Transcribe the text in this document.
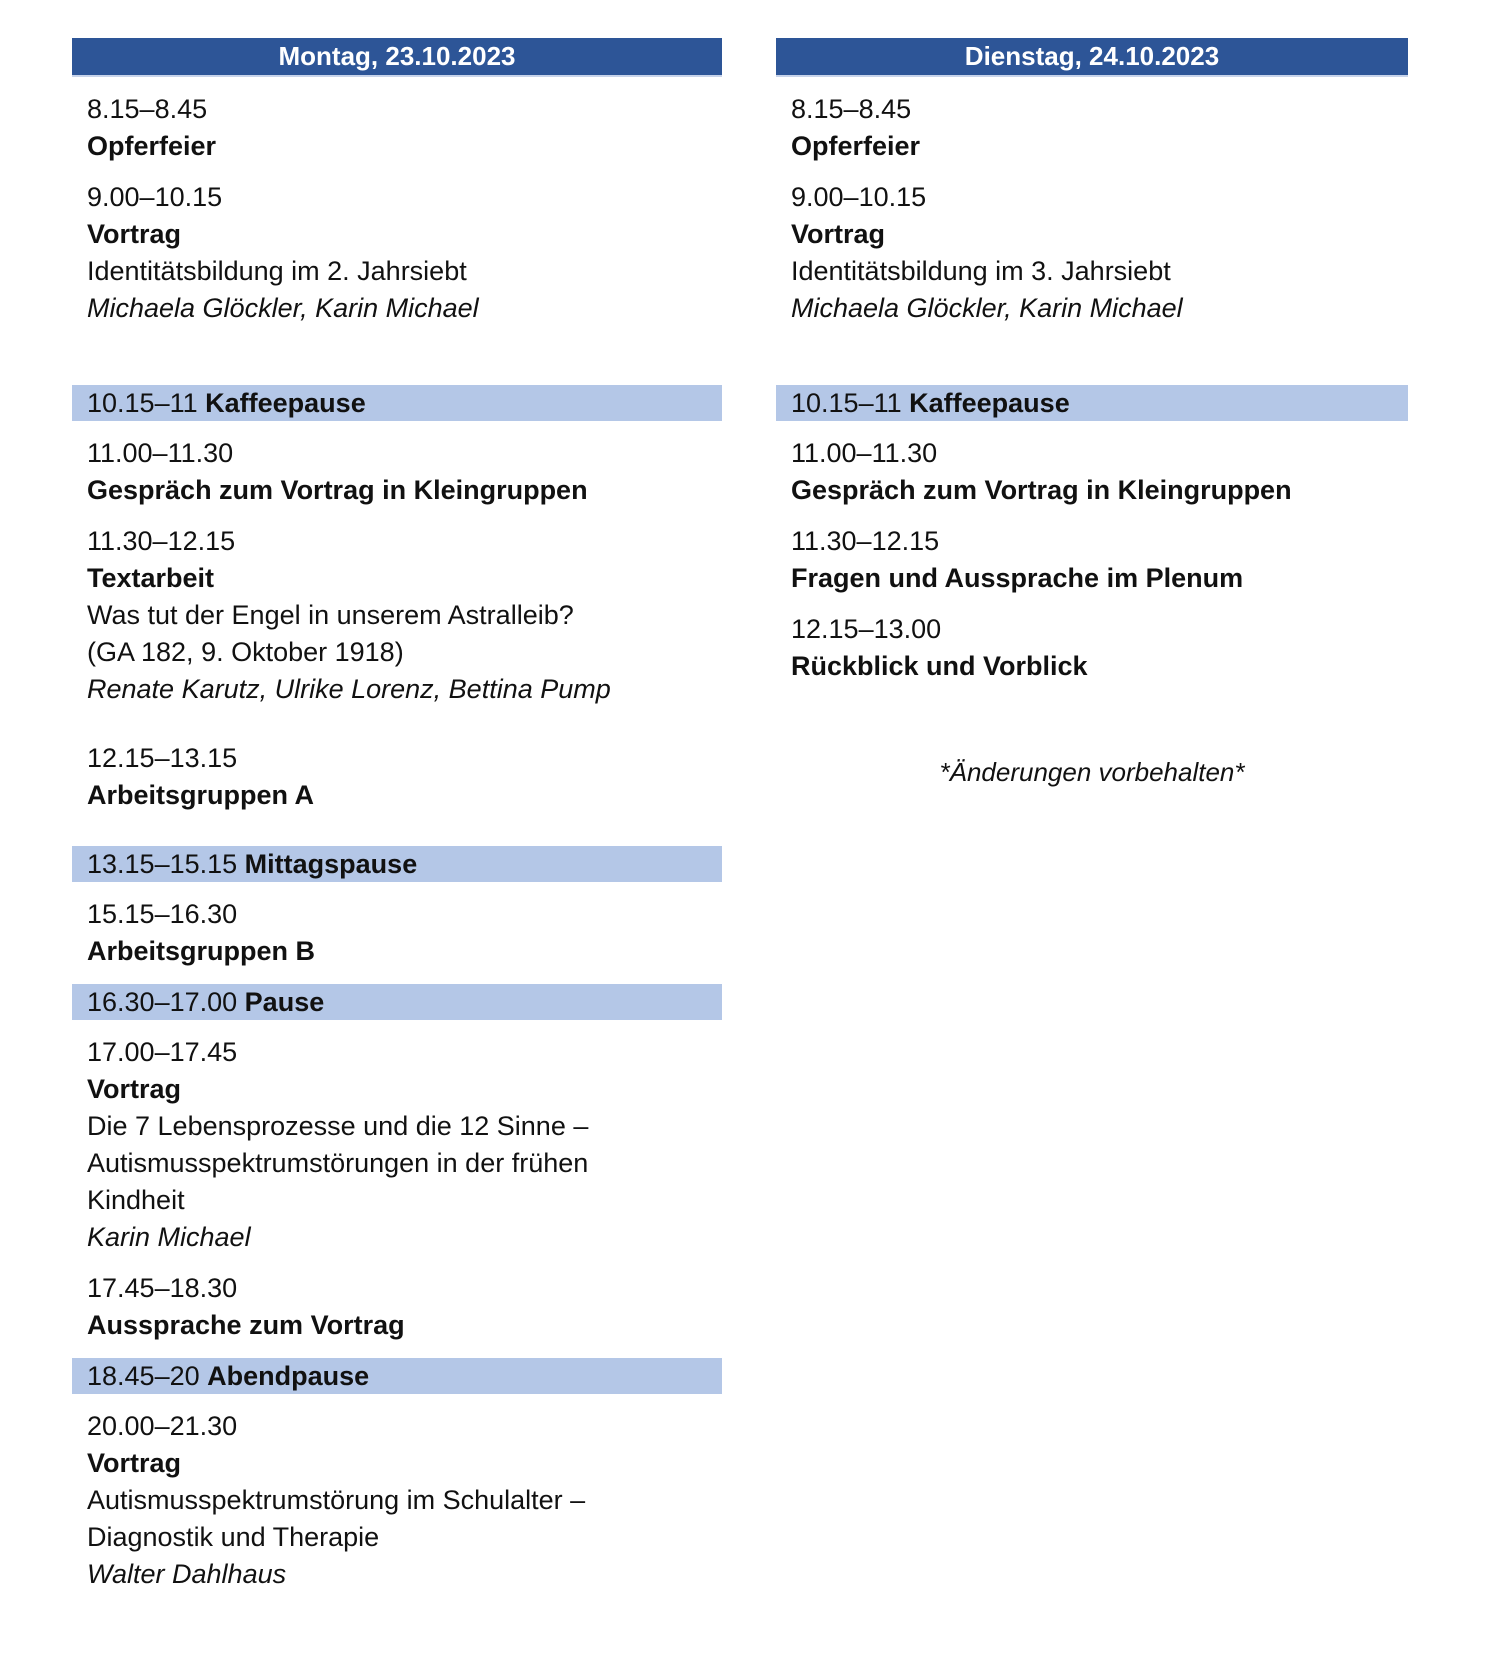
Montag, 23.10.2023
8.15–8.45
Opferfeier
9.00–10.15
Vortrag
Identitätsbildung im 2. Jahrsiebt
Michaela Glöckler, Karin Michael
10.15–11 Kaffeepause
11.00–11.30
Gespräch zum Vortrag in Kleingruppen
11.30–12.15
Textarbeit
Was tut der Engel in unserem Astralleib?
(GA 182, 9. Oktober 1918)
Renate Karutz, Ulrike Lorenz, Bettina Pump
12.15–13.15
Arbeitsgruppen A
13.15–15.15 Mittagspause
15.15–16.30
Arbeitsgruppen B
16.30–17.00 Pause
17.00–17.45
Vortrag
Die 7 Lebensprozesse und die 12 Sinne –
Autismusspektrumstörungen in der frühen
Kindheit
Karin Michael
17.45–18.30
Aussprache zum Vortrag
18.45–20 Abendpause
20.00–21.30
Vortrag
Autismusspektrumstörung im Schulalter –
Diagnostik und Therapie
Walter Dahlhaus
Dienstag, 24.10.2023
8.15–8.45
Opferfeier
9.00–10.15
Vortrag
Identitätsbildung im 3. Jahrsiebt
Michaela Glöckler, Karin Michael
10.15–11 Kaffeepause
11.00–11.30
Gespräch zum Vortrag in Kleingruppen
11.30–12.15
Fragen und Aussprache im Plenum
12.15–13.00
Rückblick und Vorblick
*Änderungen vorbehalten*
